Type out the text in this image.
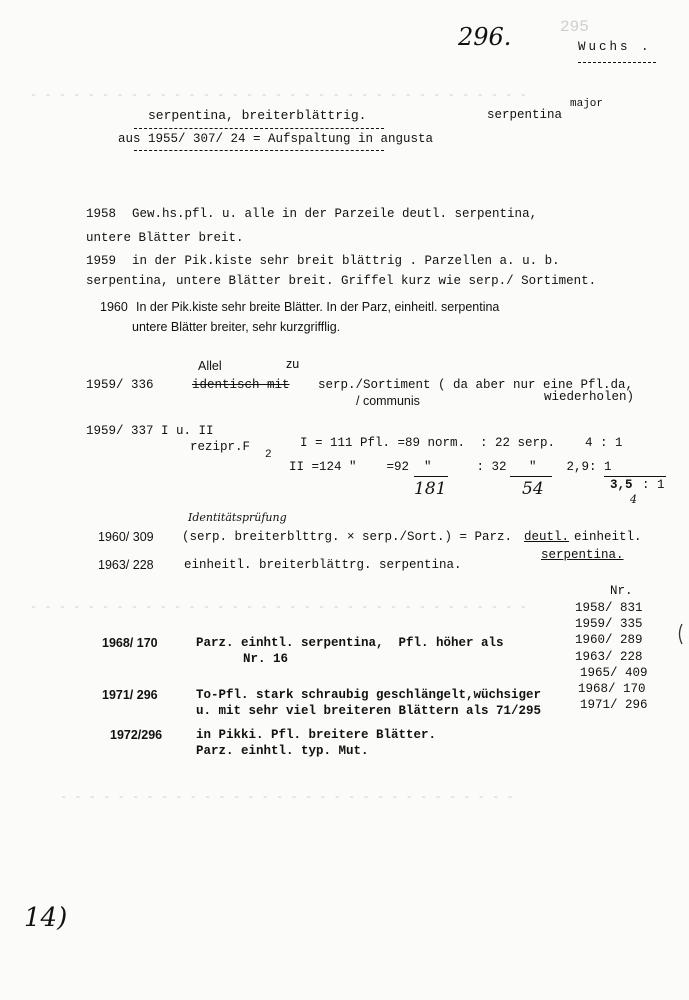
295
- - - - - - - - - - - - - - - - - - - - - - - - - - - - - - - - - - -
- - - - - - - - - - - - - - - - - - - - - - - - - - - - - - - - - - -
- - - - - - - - - - - - - - - - - - - - - - - - - - - - - - - -
296.	Wuchs .
serpentina, breiterblättrig.	serpentina
major
aus 1955/ 307/ 24 = Aufspaltung in angusta
1958 Gew.hs.pfl. u. alle in der Parzeile deutl. serpentina,
untere Blätter breit.
1959 in der Pik.kiste sehr breit blättrig . Parzellen a. u. b.
serpentina, untere Blätter breit. Griffel kurz wie serp./ Sortiment.
1960 In der Pik.kiste sehr breite Blätter. In der Parz, einheitl. serpentina
untere Blätter breiter, sehr kurzgrifflig.
Allel	zu
1959/ 336	identisch mit serp./Sortiment ( da aber nur eine Pfl.da,
/ communis	wiederholen)
1959/ 337 I u. II
rezipr.F
2
I = 111 Pfl. =89 norm.  : 22 serp.    4 : 1
II =124 "    =92  "      : 32   "    2,9: 1
181	54	3,5 : 1
4
Identitätsprüfung
1960/ 309 (serp. breiterblttrg. × serp./Sort.) = Parz. deutl. einheitl.
1963/ 228 einheitl. breiterblättrg. serpentina.
serpentina.
Nr.
1958/ 831
1959/ 335
1960/ 289
1963/ 228
1965/ 409
1968/ 170
1971/ 296
1968/ 170	Parz. einhtl. serpentina,  Pfl. höher als
Nr. 16
1971/ 296	To-Pfl. stark schraubig geschlängelt,wüchsiger
u. mit sehr viel breiteren Blättern als 71/295
1972/296	in Pikki. Pfl. breitere Blätter.
Parz. einhtl. typ. Mut.
14)
